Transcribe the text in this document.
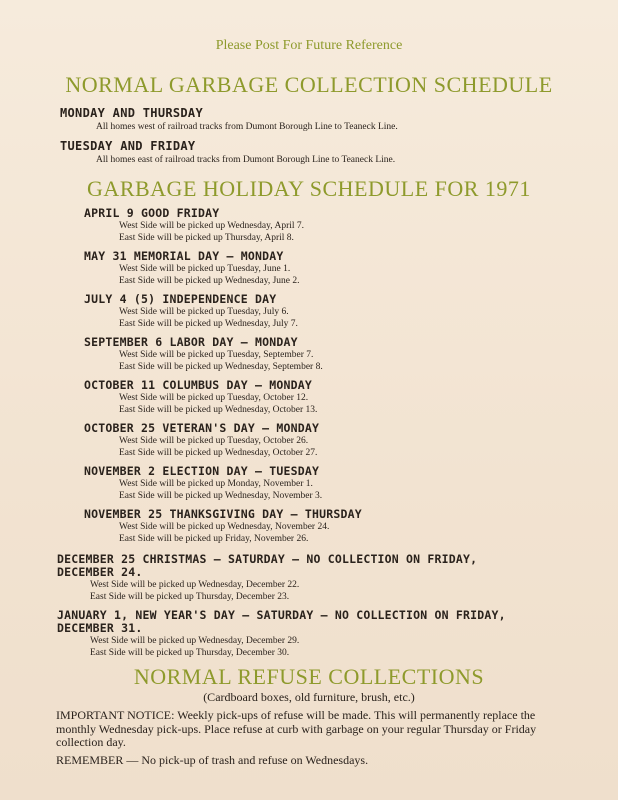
Please Post For Future Reference
NORMAL GARBAGE COLLECTION SCHEDULE
MONDAY AND THURSDAY
All homes west of railroad tracks from Dumont Borough Line to Teaneck Line.
TUESDAY AND FRIDAY
All homes east of railroad tracks from Dumont Borough Line to Teaneck Line.
GARBAGE HOLIDAY SCHEDULE FOR 1971
APRIL 9 GOOD FRIDAY
West Side will be picked up Wednesday, April 7.
East Side will be picked up Thursday, April 8.
MAY 31 MEMORIAL DAY — MONDAY
West Side will be picked up Tuesday, June 1.
East Side will be picked up Wednesday, June 2.
JULY 4 (5) INDEPENDENCE DAY
West Side will be picked up Tuesday, July 6.
East Side will be picked up Wednesday, July 7.
SEPTEMBER 6 LABOR DAY — MONDAY
West Side will be picked up Tuesday, September 7.
East Side will be picked up Wednesday, September 8.
OCTOBER 11 COLUMBUS DAY — MONDAY
West Side will be picked up Tuesday, October 12.
East Side will be picked up Wednesday, October 13.
OCTOBER 25 VETERAN'S DAY — MONDAY
West Side will be picked up Tuesday, October 26.
East Side will be picked up Wednesday, October 27.
NOVEMBER 2 ELECTION DAY — TUESDAY
West Side will be picked up Monday, November 1.
East Side will be picked up Wednesday, November 3.
NOVEMBER 25 THANKSGIVING DAY — THURSDAY
West Side will be picked up Wednesday, November 24.
East Side will be picked up Friday, November 26.
DECEMBER 25 CHRISTMAS — SATURDAY — NO COLLECTION ON FRIDAY,
DECEMBER 24.
West Side will be picked up Wednesday, December 22.
East Side will be picked up Thursday, December 23.
JANUARY 1, NEW YEAR'S DAY — SATURDAY — NO COLLECTION ON FRIDAY,
DECEMBER 31.
West Side will be picked up Wednesday, December 29.
East Side will be picked up Thursday, December 30.
NORMAL REFUSE COLLECTIONS
(Cardboard boxes, old furniture, brush, etc.)
IMPORTANT NOTICE: Weekly pick-ups of refuse will be made. This will permanently replace the monthly Wednesday pick-ups. Place refuse at curb with garbage on your regular Thursday or Friday collection day.
REMEMBER — No pick-up of trash and refuse on Wednesdays.
